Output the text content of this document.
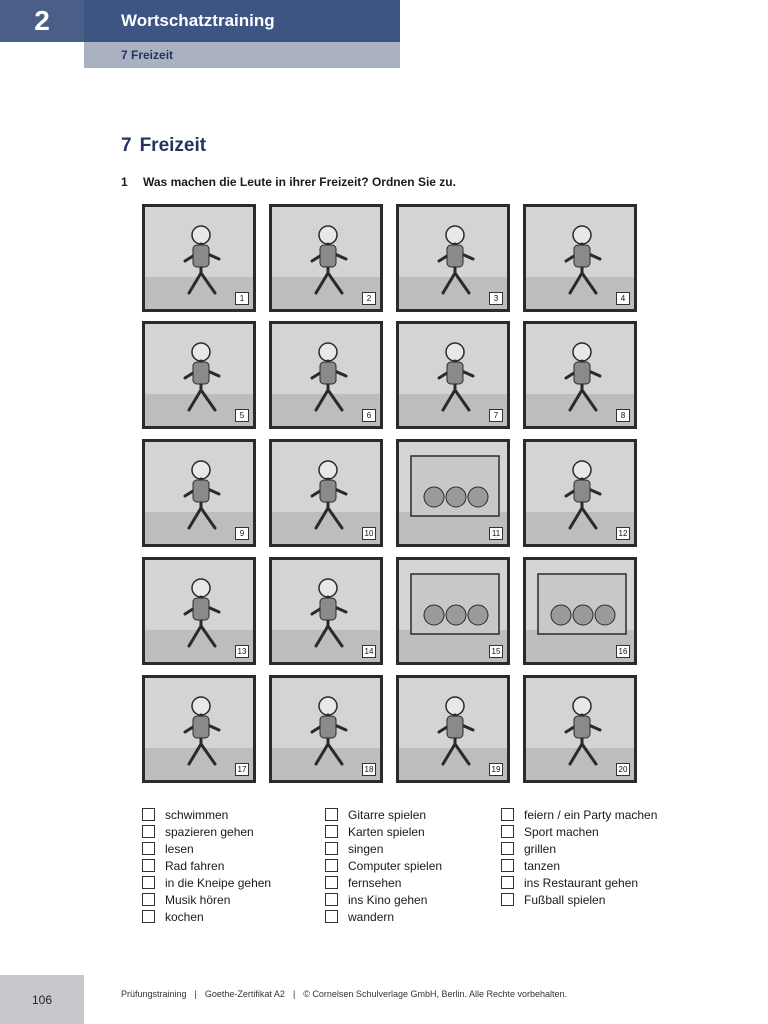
2	Wortschatztraining
7 Freizeit
7 Freizeit
1 Was machen die Leute in ihrer Freizeit? Ordnen Sie zu.
1	2	3	4
5	6	7	8
9	10	11	12
13	14	15	16
17	18	19	20
schwimmen
spazieren gehen
lesen
Rad fahren
in die Kneipe gehen
Musik hören
kochen
Gitarre spielen
Karten spielen
singen
Computer spielen
fernsehen
ins Kino gehen
wandern
feiern / ein Party machen
Sport machen
grillen
tanzen
ins Restaurant gehen
Fußball spielen
106	Prüfungstraining | Goethe-Zertifikat A2 | © Cornelsen Schulverlage GmbH, Berlin. Alle Rechte vorbehalten.
